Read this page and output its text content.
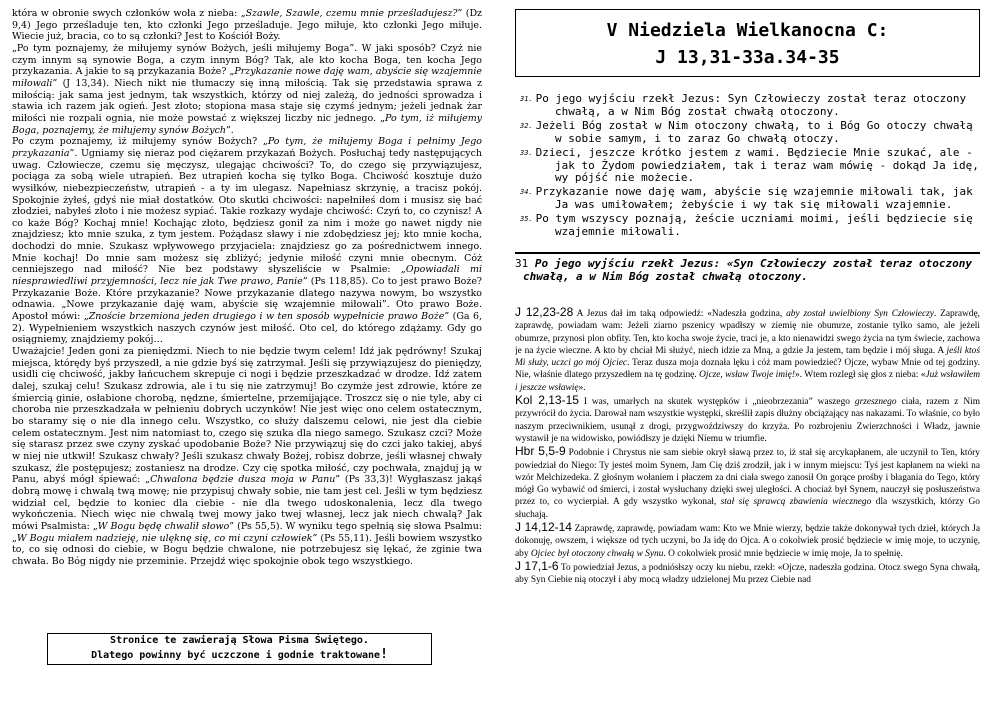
która w obronie swych członków woła z nieba: „Szawle, Szawle, czemu mnie prześladujesz?” (Dz 9,4) Jego prześladuje ten, kto członki Jego prześladuje. Jego miłuje, kto członki Jego miłuje. Wiecie już, bracia, co to są członki? Jest to Kościół Boży.

„Po tym poznajemy, że miłujemy synów Bożych, jeśli miłujemy Boga”. W jaki sposób? Czyż nie czym innym są synowie Boga, a czym innym Bóg? Tak, ale kto kocha Boga, ten kocha Jego przykazania. A jakie to są przykazania Boże? „Przykazanie nowe daję wam, abyście się wzajemnie miłowali” (J 13,34). Niech nikt nie tłumaczy się inną miłością. Tak się przedstawia sprawa z miłością: jak sama jest jednym, tak wszystkich, którzy od niej zależą, do jedności sprowadza i stawia ich razem jak ogień. Jest złoto; stopiona masa staje się czymś jednym; jeżeli jednak żar miłości nie rozpali ognia, nie może powstać z większej liczby nic jednego. „Po tym, iż miłujemy Boga, poznajemy, że miłujemy synów Bożych”.

Po czym poznajemy, iż miłujemy synów Bożych? „Po tym, że miłujemy Boga i pełnimy Jego przykazania”. Ugniamy się nieraz pod ciężarem przykazań Bożych. Posłuchaj tedy następujących uwag. Człowiecze, czemu się męczysz, ulegając chciwości? To, do czego się przywiązujesz, pociąga za sobą wiele utrapień. Bez utrapień kocha się tylko Boga. Chciwość kosztuje dużo wysiłków, niebezpieczeństw, utrapień - a ty im ulegasz. Napełniasz skrzynię, a tracisz pokój. Spokojnie żyłeś, gdyś nie miał dostatków. Oto skutki chciwości: napełniłeś dom i musisz się bać złodziei, nabyłeś złoto i nie możesz sypiać. Takie rozkazy wydaje chciwość: Czyń to, co czynisz! A co każe Bóg? Kochaj mnie! Kochając złoto, będziesz gonił za nim i może go nawet nigdy nie znajdziesz; kto mnie szuka, z tym jestem. Pożądasz sławy i nie zdobędziesz jej; kto mnie kocha, dochodzi do mnie. Szukasz wpływowego przyjaciela: znajdziesz go za pośrednictwem innego. Mnie kochaj! Do mnie sam możesz się zbliżyć; jedynie miłość czyni mnie obecnym. Cóż cenniejszego nad miłość? Nie bez podstawy słyszeliście w Psalmie: „Opowiadali mi niesprawiedliwi przyjemności, lecz nie jak Twe prawo, Panie” (Ps 118,85). Co to jest prawo Boże? Przykazanie Boże. Które przykazanie? Nowe przykazanie dlatego nazywa nowym, bo wszystko odnawia. „Nowe przykazanie daję wam, abyście się wzajemnie miłowali”. Oto prawo Boże. Apostoł mówi: „Znoście brzemiona jeden drugiego i w ten sposób wypełnicie prawo Boże” (Ga 6, 2). Wypełnieniem wszystkich naszych czynów jest miłość. Oto cel, do którego zdążamy. Gdy go osiągniemy, znajdziemy pokój…

Uważajcie! Jeden goni za pieniędzmi. Niech to nie będzie twym celem! Idź jak pędrówny! Szukaj miejsca, którędy byś przyszedł, a nie gdzie byś się zatrzymał. Jeśli się przywiązujesz do pieniędzy, usidli cię chciwość, jakby łańcuchem skrepuje ci nogi i będzie przeszkadzać w drodze. Idź zatem dalej, szukaj celu! Szukasz zdrowia, ale i tu się nie zatrzymuj! Bo czymże jest zdrowie, które ze śmiercią ginie, osłabione chorobą, nędzne, śmiertelne, przemijające. Troszcz się o nie tyle, aby ci choroba nie przeszkadzała w pełnieniu dobrych uczynków! Nie jest więc ono celem ostatecznym, bo staramy się o nie dla innego celu. Wszystko, co służy dalszemu celowi, nie jest dla ciebie celem ostatecznym. Jest nim natomiast to, czego się szuka dla niego samego. Szukasz czci? Może się starasz przez swe czyny zyskać upodobanie Boże? Nie przywiązuj się do czci jako takiej, abyś w niej nie utkwił! Szukasz chwały? Jeśli szukasz chwały Bożej, robisz dobrze, jeśli własnej chwały szukasz, źle postępujesz; zostaniesz na drodze. Czy cię spotka miłość, czy pochwała, znajduj ją w Panu, abyś mógł śpiewać: „Chwalona będzie dusza moja w Panu” (Ps 33,3)! Wygłaszasz jakąś dobrą mowę i chwalą twą mowę; nie przypisuj chwały sobie, nie tam jest cel. Jeśli w tym będziesz widział cel, będzie to koniec dla ciebie - nie dla twego udoskonalenia, lecz dla twego wykończenia. Niech więc nie chwalą twej mowy jako twej własnej, lecz jak niech chwalą? Jak mówi Psalmista: „W Bogu będę chwalił słowo” (Ps 55,5). W wyniku tego spełnią się słowa Psalmu: „W Bogu miałem nadzieję, nie ulęknę się, co mi czyni człowiek” (Ps 55,11). Jeśli bowiem wszystko to, co się odnosi do ciebie, w Bogu będzie chwalone, nie potrzebujesz się lękać, że zginie twa chwała. Bo Bóg nigdy nie przeminie. Przejdź więc spokojnie obok tego wszystkiego.

Stronice te zawierają Słowa Pisma Świętego.
Dlatego powinny być uczczone i godnie traktowane!
V Niedziela Wielkanocna C:
J 13,31-33a.34-35

$^{31.}$ Po jego wyjściu rzekł Jezus: Syn Człowieczy został teraz otoczony chwałą, a w Nim Bóg został chwałą otoczony.

$^{32.}$ Jeżeli Bóg został w Nim otoczony chwałą, to i Bóg Go otoczy chwałą w sobie samym, i to zaraz Go chwałą otoczy.

$^{33.}$ Dzieci, jeszcze krótko jestem z wami. Będziecie Mnie szukać, ale - jak to Żydom powiedziałem, tak i teraz wam mówię - dokąd Ja idę, wy pójść nie możecie.

$^{34.}$ Przykazanie nowe daję wam, abyście się wzajemnie miłowali tak, jak Ja was umiłowałem; żebyście i wy tak się miłowali wzajemnie.

$^{35.}$ Po tym wszyscy poznają, żeście uczniami moimi, jeśli będziecie się wzajemnie miłowali.

31 Po jego wyjściu rzekł Jezus: «Syn Człowieczy został teraz otoczony
chwałą, a w Nim Bóg został chwałą otoczony.

J 12,23-28 A Jezus dał im taką odpowiedź: «Nadeszła godzina, aby został uwielbiony Syn Człowieczy. Zaprawdę, zaprawdę, powiadam wam: Jeżeli ziarno pszenicy wpadłszy w ziemię nie obumrze, zostanie tylko samo, ale jeżeli obumrze, przynosi plon obfity. Ten, kto kocha swoje życie, traci je, a kto nienawidzi swego życia na tym świecie, zachowa je na życie wieczne. A kto by chciał Mi służyć, niech idzie za Mną, a gdzie Ja jestem, tam będzie i mój sługa. A jeśli ktoś Mi służy, uczci go mój Ojciec. Teraz dusza moja doznała lęku i cóż mam powiedzieć? Ojcze, wybaw Mnie od tej godziny. Nie, właśnie dlatego przyszedłem na tę godzinę. Ojcze, wsław Twoje imię!». Wtem rozległ się głos z nieba: «Już wsławiłem i jeszcze wsławię».

Kol 2,13-15 I was, umarłych na skutek występków i „nieobrzezania” waszego grzesznego ciała, razem z Nim przywrócił do życia. Darował nam wszystkie występki, skreślił zapis dłużny obciążający nas nakazami. To właśnie, co było naszym przeciwnikiem, usunął z drogi, przygwoździwszy do krzyża. Po rozbrojeniu Zwierzchności i Władz, jawnie wystawił je na widowisko, powiódłszy je dzięki Niemu w triumfie.

Hbr 5,5-9 Podobnie i Chrystus nie sam siebie okrył sławą przez to, iż stał się arcykapłanem, ale uczynił to Ten, który powiedział do Niego: Ty jesteś moim Synem, Jam Cię dziś zrodził, jak i w innym miejscu: Tyś jest kapłanem na wieki na wzór Melchizedeka. Z głośnym wołaniem i płaczem za dni ciała swego zanosił On gorące prośby i błagania do Tego, który mógł Go wybawić od śmierci, i został wysłuchany dzięki swej uległości. A chociaż był Synem, nauczył się posłuszeństwa przez to, co wycierpiał. A gdy wszystko wykonał, stał się sprawcą zbawienia wiecznego dla wszystkich, którzy Go słuchają.

J 14,12-14 Zaprawdę, zaprawdę, powiadam wam: Kto we Mnie wierzy, będzie także dokonywał tych dzieł, których Ja dokonuję, owszem, i większe od tych uczyni, bo Ja idę do Ojca. A o cokolwiek prosić będziecie w imię moje, to uczynię, aby Ojciec był otoczony chwałą w Synu. O cokolwiek prosić mnie będziecie w imię moje, Ja to spełnię.

J 17,1-6 To powiedział Jezus, a podniósłszy oczy ku niebu, rzekł: «Ojcze, nadeszła godzina. Otocz swego Syna chwałą, aby Syn Ciebie nią otoczył i aby mocą władzy udzielonej Mu przez Ciebie nad
